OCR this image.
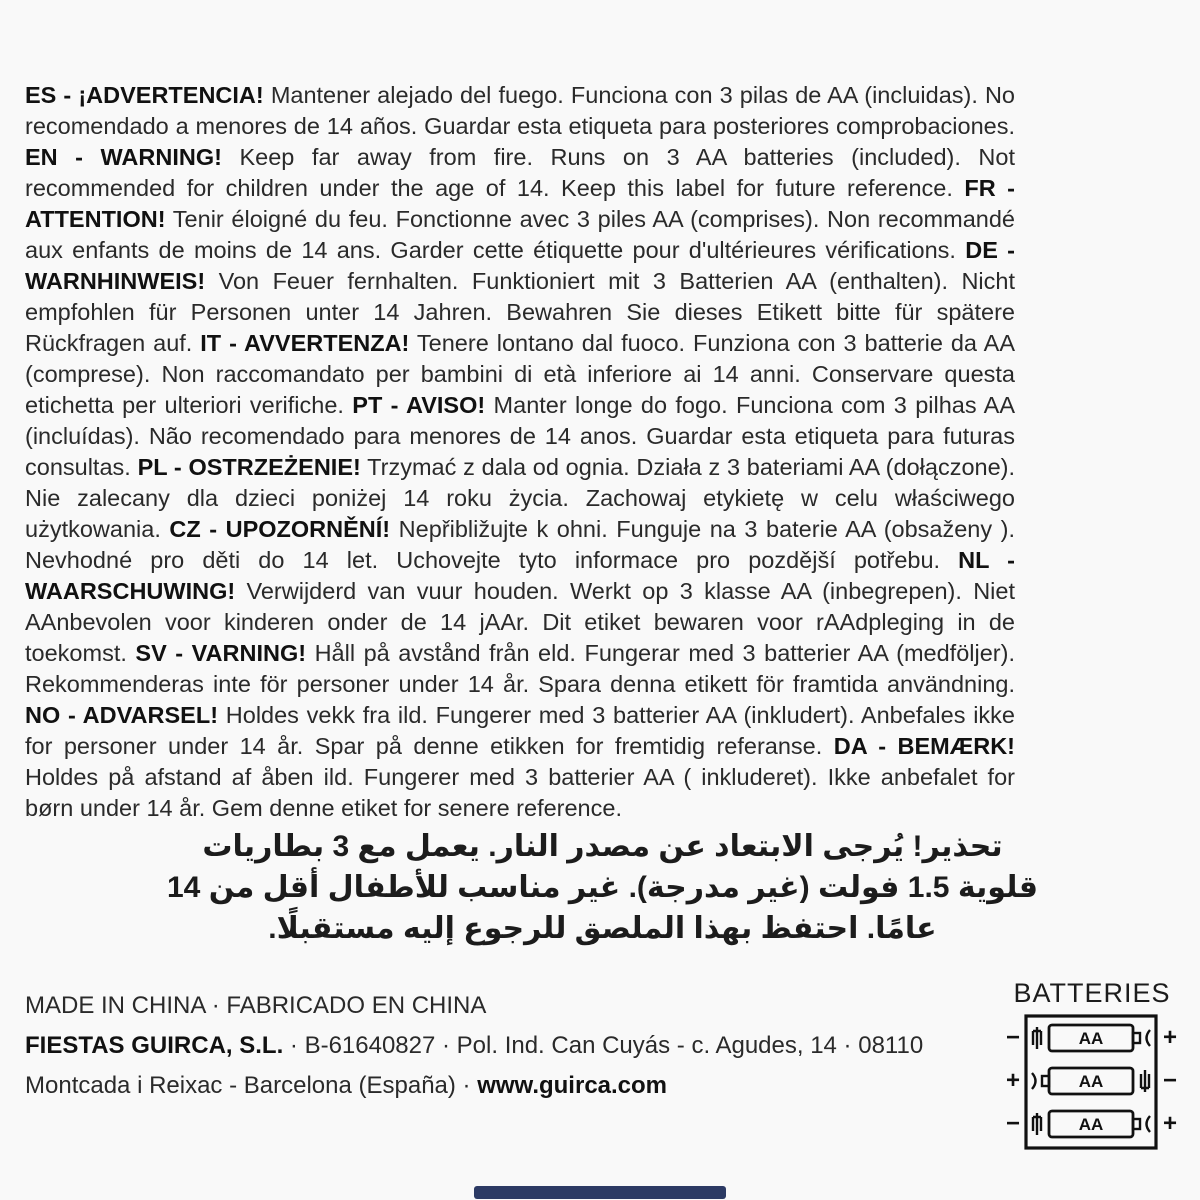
ES - ¡ADVERTENCIA! Mantener alejado del fuego. Funciona con 3 pilas de AA (incluidas). No recomendado a menores de 14 años. Guardar esta etiqueta para posteriores comprobaciones. EN - WARNING! Keep far away from fire. Runs on 3 AA batteries (included). Not recommended for children under the age of 14. Keep this label for future reference. FR - ATTENTION! Tenir éloigné du feu. Fonctionne avec 3 piles AA (comprises). Non recommandé aux enfants de moins de 14 ans. Garder cette étiquette pour d'ultérieures vérifications. DE - WARNHINWEIS! Von Feuer fernhalten. Funktioniert mit 3 Batterien AA (enthalten). Nicht empfohlen für Personen unter 14 Jahren. Bewahren Sie dieses Etikett bitte für spätere Rückfragen auf. IT - AVVERTENZA! Tenere lontano dal fuoco. Funziona con 3 batterie da AA (comprese). Non raccomandato per bambini di età inferiore ai 14 anni. Conservare questa etichetta per ulteriori verifiche. PT - AVISO! Manter longe do fogo. Funciona com 3 pilhas AA (incluídas). Não recomendado para menores de 14 anos. Guardar esta etiqueta para futuras consultas. PL - OSTRZEŻENIE! Trzymać z dala od ognia. Działa z 3 bateriami AA (dołączone). Nie zalecany dla dzieci poniżej 14 roku życia. Zachowaj etykietę w celu właściwego użytkowania. CZ - UPOZORNĚNÍ! Nepřibližujte k ohni. Funguje na 3 baterie AA (obsaženy ). Nevhodné pro děti do 14 let. Uchovejte tyto informace pro pozdější potřebu. NL - WAARSCHUWING! Verwijderd van vuur houden. Werkt op 3 klasse AA (inbegrepen). Niet AAnbevolen voor kinderen onder de 14 jAAr. Dit etiket bewaren voor rAAdpleging in de toekomst. SV - VARNING! Håll på avstånd från eld. Fungerar med 3 batterier AA (medföljer). Rekommenderas inte för personer under 14 år. Spara denna etikett för framtida användning. NO - ADVARSEL! Holdes vekk fra ild. Fungerer med 3 batterier AA (inkludert). Anbefales ikke for personer under 14 år. Spar på denne etikken for fremtidig referanse. DA - BEMÆRK! Holdes på afstand af åben ild. Fungerer med 3 batterier AA ( inkluderet). Ikke anbefalet for børn under 14 år. Gem denne etiket for senere reference.

تحذير! يُرجى الابتعاد عن مصدر النار. يعمل مع 3 بطاريات
قلوية 1.5 فولت (غير مدرجة). غير مناسب للأطفال أقل من 14
عامًا. احتفظ بهذا الملصق للرجوع إليه مستقبلًا.
MADE IN CHINA · FABRICADO EN CHINA
FIESTAS GUIRCA, S.L. · B-61640827 · Pol. Ind. Can Cuyás - c. Agudes, 14 · 08110
Montcada i Reixac - Barcelona (España) · www.guirca.com
BATTERIES
AA
−	+
AA
+	−
AA
−	+
